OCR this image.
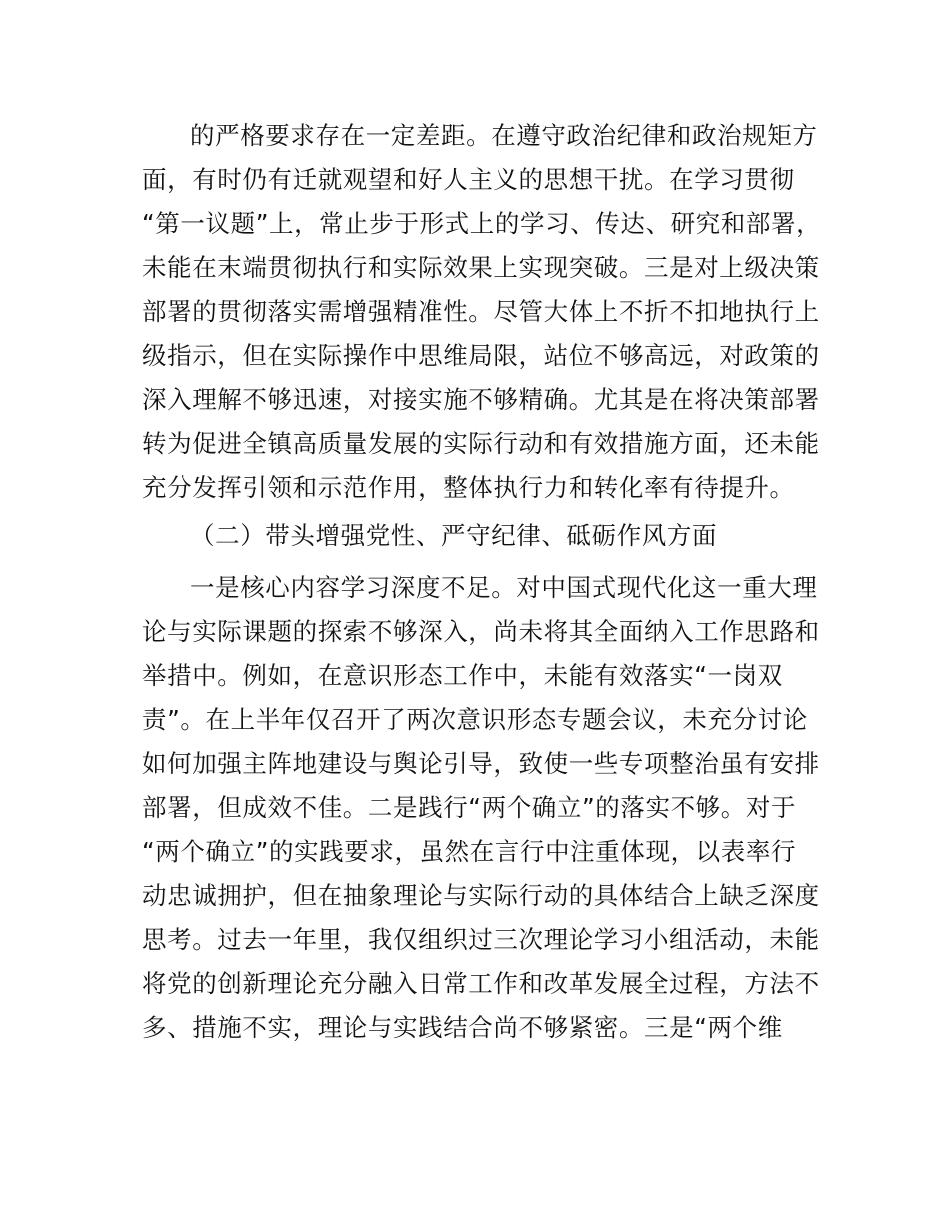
的严格要求存在一定差距。在遵守政治纪律和政治规矩方

面，有时仍有迁就观望和好人主义的思想干扰。在学习贯彻

“第一议题”上，常止步于形式上的学习、传达、研究和部署，

未能在末端贯彻执行和实际效果上实现突破。三是对上级决策

部署的贯彻落实需增强精准性。尽管大体上不折不扣地执行上

级指示，但在实际操作中思维局限，站位不够高远，对政策的

深入理解不够迅速，对接实施不够精确。尤其是在将决策部署

转为促进全镇高质量发展的实际行动和有效措施方面，还未能

充分发挥引领和示范作用，整体执行力和转化率有待提升。

（二）带头增强党性、严守纪律、砥砺作风方面

一是核心内容学习深度不足。对中国式现代化这一重大理

论与实际课题的探索不够深入，尚未将其全面纳入工作思路和

举措中。例如，在意识形态工作中，未能有效落实“一岗双

责”。在上半年仅召开了两次意识形态专题会议，未充分讨论

如何加强主阵地建设与舆论引导，致使一些专项整治虽有安排

部署，但成效不佳。二是践行“两个确立”的落实不够。对于

“两个确立”的实践要求，虽然在言行中注重体现，以表率行

动忠诚拥护，但在抽象理论与实际行动的具体结合上缺乏深度

思考。过去一年里，我仅组织过三次理论学习小组活动，未能

将党的创新理论充分融入日常工作和改革发展全过程，方法不

多、措施不实，理论与实践结合尚不够紧密。三是“两个维
